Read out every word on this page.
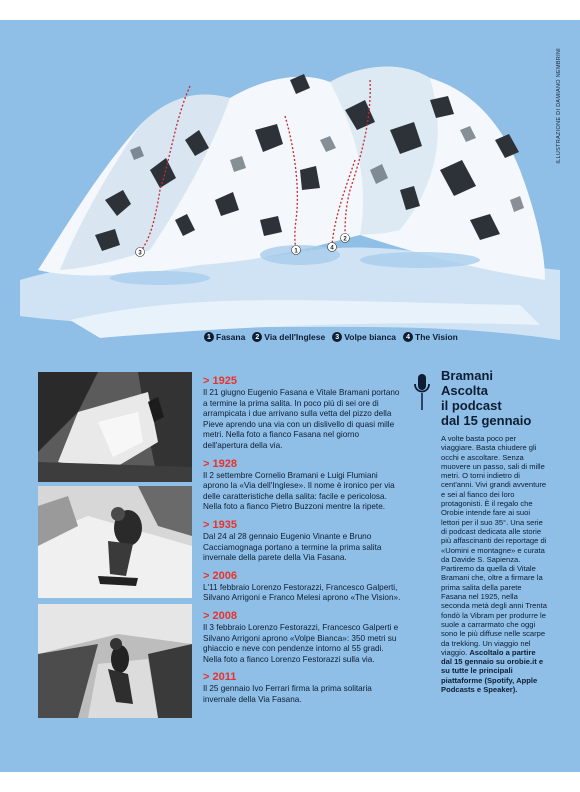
3	1	4
2
ILLUSTRAZIONE DI DAMIANO NEMBRINI
1 Fasana	2 Via dell'Inglese	3 Volpe bianca	4 The Vision
> 1925
Il 21 giugno Eugenio Fasana e Vitale Bramani portano a termine la prima salita. In poco più di sei ore di arrampicata i due arrivano sulla vetta del pizzo della Pieve aprendo una via con un dislivello di quasi mille metri. Nella foto a fianco Fasana nel giorno dell'apertura della via.
> 1928
Il 2 settembre Cornelio Bramani e Luigi Flumiani aprono la «Via dell'Inglese». Il nome è ironico per via delle caratteristiche della salita: facile e pericolosa. Nella foto a fianco Pietro Buzzoni mentre la ripete.
> 1935
Dal 24 al 28 gennaio Eugenio Vinante e Bruno Cacciamognaga portano a termine la prima salita invernale della parete della Via Fasana.
> 2006
L'11 febbraio Lorenzo Festorazzi, Francesco Galperti, Silvano Arrigoni e Franco Melesi aprono «The Vision».
> 2008
Il 3 febbraio Lorenzo Festorazzi, Francesco Galperti e Silvano Arrigoni aprono «Volpe Bianca»: 350 metri su ghiaccio e neve con pendenze intorno al 55 gradi. Nella foto a fianco Lorenzo Festorazzi sulla via.
> 2011
Il 25 gennaio Ivo Ferrari firma la prima solitaria invernale della Via Fasana.
Bramani
Ascolta
il podcast
dal 15 gennaio
A volte basta poco per viaggiare. Basta chiudere gli occhi e ascoltare. Senza muovere un passo, sali di mille metri. O torni indietro di cent'anni. Vivi grandi avventure e sei al fianco dei loro protagonisti. È il regalo che Orobie intende fare ai suoi lettori per il suo 35°. Una serie di podcast dedicata alle storie più affascinanti dei reportage di «Uomini e montagne» e curata da Davide S. Sapienza. Partiremo da quella di Vitale Bramani che, oltre a firmare la prima salita della parete Fasana nel 1925, nella seconda metà degli anni Trenta fondò la Vibram per produrre le suole a carrarmato che oggi sono le più diffuse nelle scarpe da trekking. Un viaggio nel viaggio. Ascoltalo a partire dal 15 gennaio su orobie.it e su tutte le principali piattaforme (Spotify, Apple Podcasts e Speaker).
